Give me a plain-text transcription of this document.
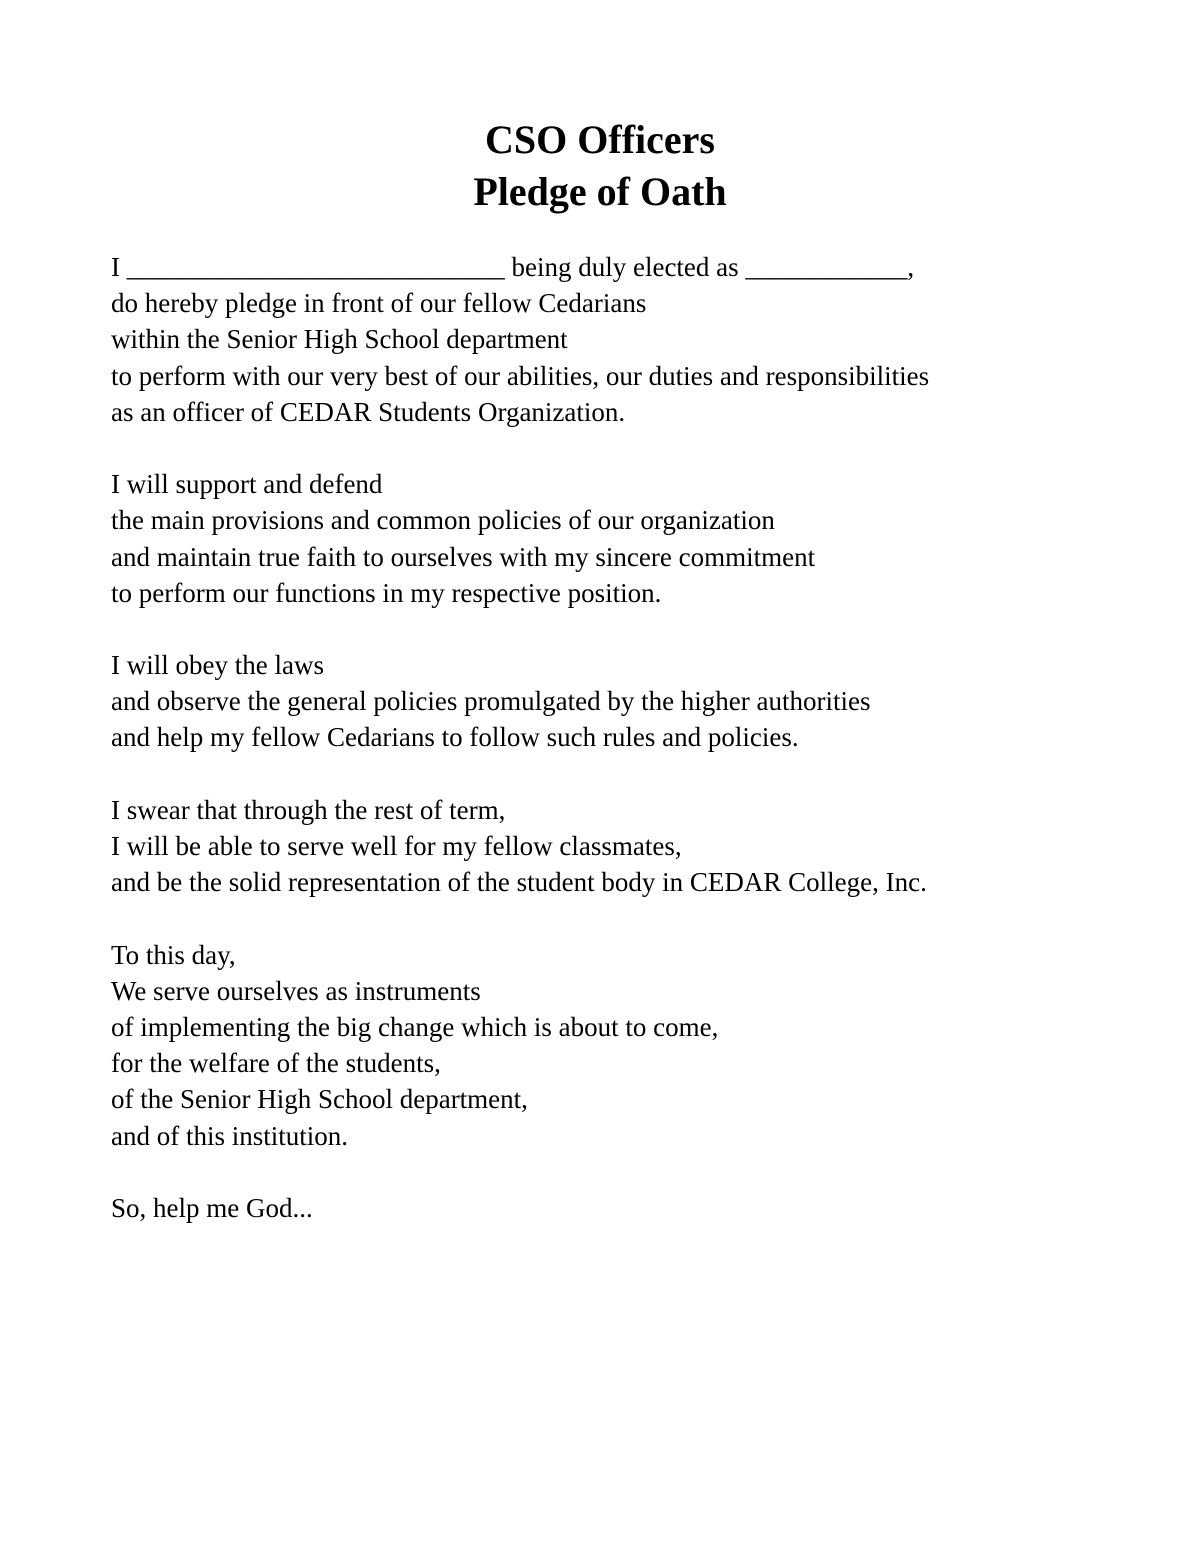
CSO Officers
Pledge of Oath
I ____________________________ being duly elected as ____________,
do hereby pledge in front of our fellow Cedarians
within the Senior High School department
to perform with our very best of our abilities, our duties and responsibilities
as an officer of CEDAR Students Organization.
I will support and defend
the main provisions and common policies of our organization
and maintain true faith to ourselves with my sincere commitment
to perform our functions in my respective position.
I will obey the laws
and observe the general policies promulgated by the higher authorities
and help my fellow Cedarians to follow such rules and policies.
I swear that through the rest of term,
I will be able to serve well for my fellow classmates,
and be the solid representation of the student body in CEDAR College, Inc.
To this day,
We serve ourselves as instruments
of implementing the big change which is about to come,
for the welfare of the students,
of the Senior High School department,
and of this institution.
So, help me God...
